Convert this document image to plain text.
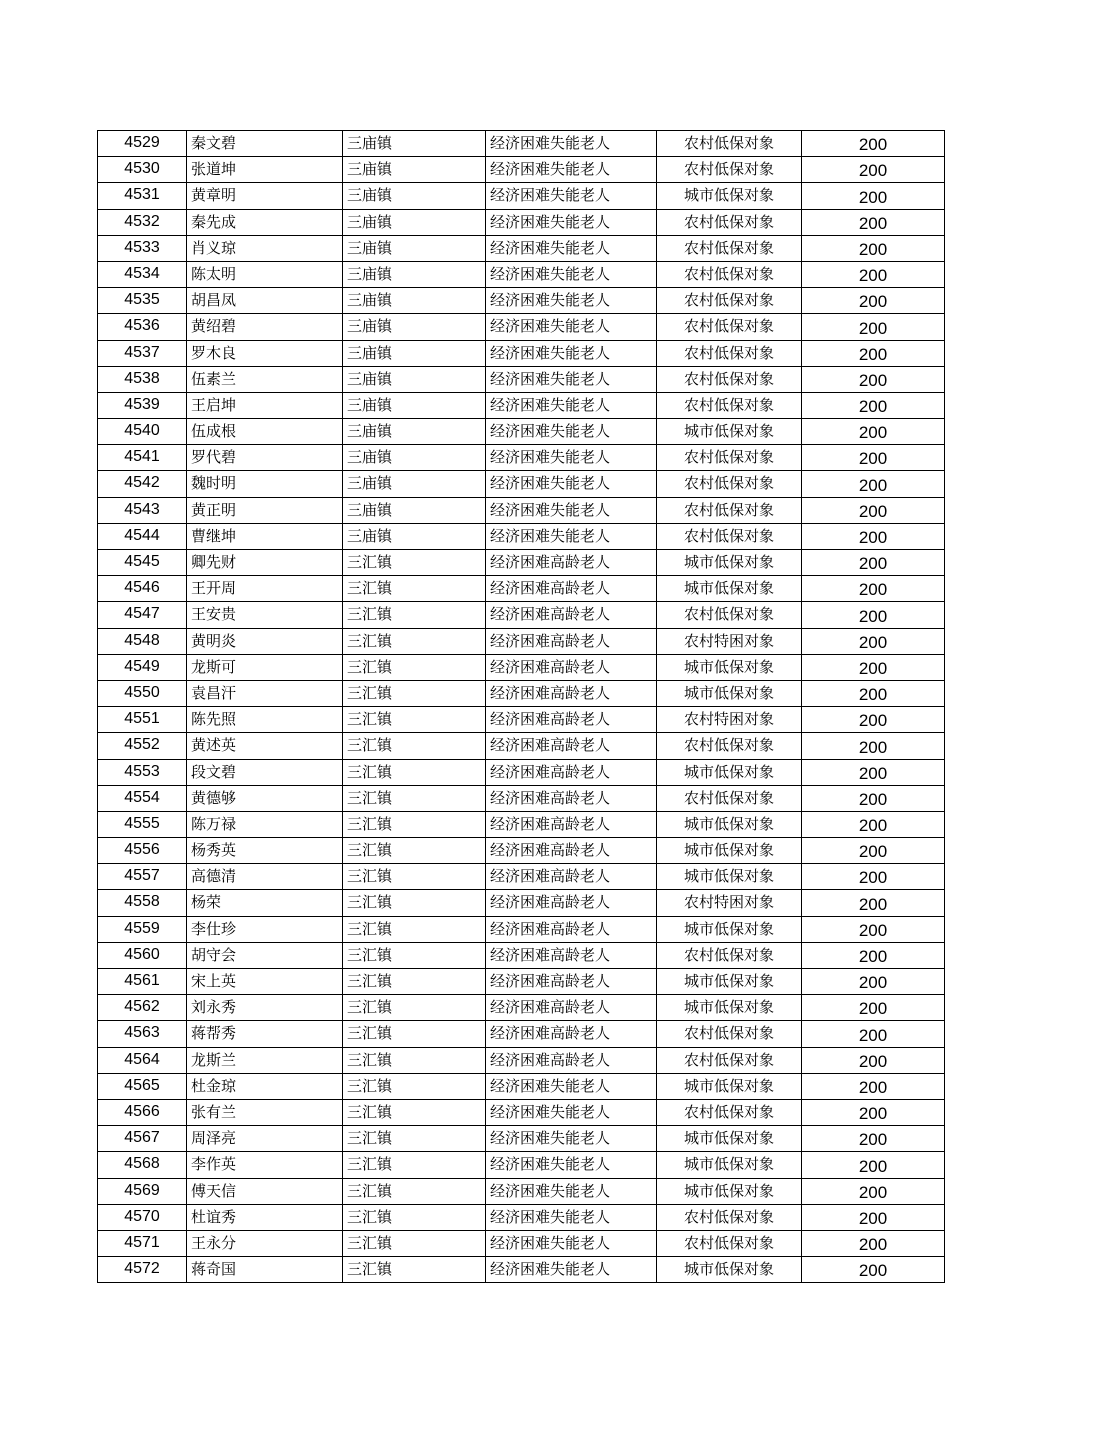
4529	秦文碧	三庙镇	经济困难失能老人	农村低保对象	200
4530	张道坤	三庙镇	经济困难失能老人	农村低保对象	200
4531	黄章明	三庙镇	经济困难失能老人	城市低保对象	200
4532	秦先成	三庙镇	经济困难失能老人	农村低保对象	200
4533	肖义琼	三庙镇	经济困难失能老人	农村低保对象	200
4534	陈太明	三庙镇	经济困难失能老人	农村低保对象	200
4535	胡昌凤	三庙镇	经济困难失能老人	农村低保对象	200
4536	黄绍碧	三庙镇	经济困难失能老人	农村低保对象	200
4537	罗木良	三庙镇	经济困难失能老人	农村低保对象	200
4538	伍素兰	三庙镇	经济困难失能老人	农村低保对象	200
4539	王启坤	三庙镇	经济困难失能老人	农村低保对象	200
4540	伍成根	三庙镇	经济困难失能老人	城市低保对象	200
4541	罗代碧	三庙镇	经济困难失能老人	农村低保对象	200
4542	魏时明	三庙镇	经济困难失能老人	农村低保对象	200
4543	黄正明	三庙镇	经济困难失能老人	农村低保对象	200
4544	曹继坤	三庙镇	经济困难失能老人	农村低保对象	200
4545	卿先财	三汇镇	经济困难高龄老人	城市低保对象	200
4546	王开周	三汇镇	经济困难高龄老人	城市低保对象	200
4547	王安贵	三汇镇	经济困难高龄老人	农村低保对象	200
4548	黄明炎	三汇镇	经济困难高龄老人	农村特困对象	200
4549	龙斯可	三汇镇	经济困难高龄老人	城市低保对象	200
4550	袁昌汗	三汇镇	经济困难高龄老人	城市低保对象	200
4551	陈先照	三汇镇	经济困难高龄老人	农村特困对象	200
4552	黄述英	三汇镇	经济困难高龄老人	农村低保对象	200
4553	段文碧	三汇镇	经济困难高龄老人	城市低保对象	200
4554	黄德够	三汇镇	经济困难高龄老人	农村低保对象	200
4555	陈万禄	三汇镇	经济困难高龄老人	城市低保对象	200
4556	杨秀英	三汇镇	经济困难高龄老人	城市低保对象	200
4557	高德清	三汇镇	经济困难高龄老人	城市低保对象	200
4558	杨荣	三汇镇	经济困难高龄老人	农村特困对象	200
4559	李仕珍	三汇镇	经济困难高龄老人	城市低保对象	200
4560	胡守会	三汇镇	经济困难高龄老人	农村低保对象	200
4561	宋上英	三汇镇	经济困难高龄老人	城市低保对象	200
4562	刘永秀	三汇镇	经济困难高龄老人	城市低保对象	200
4563	蒋帮秀	三汇镇	经济困难高龄老人	农村低保对象	200
4564	龙斯兰	三汇镇	经济困难高龄老人	农村低保对象	200
4565	杜金琼	三汇镇	经济困难失能老人	城市低保对象	200
4566	张有兰	三汇镇	经济困难失能老人	农村低保对象	200
4567	周泽亮	三汇镇	经济困难失能老人	城市低保对象	200
4568	李作英	三汇镇	经济困难失能老人	城市低保对象	200
4569	傅天信	三汇镇	经济困难失能老人	城市低保对象	200
4570	杜谊秀	三汇镇	经济困难失能老人	农村低保对象	200
4571	王永分	三汇镇	经济困难失能老人	农村低保对象	200
4572	蒋奇国	三汇镇	经济困难失能老人	城市低保对象	200
